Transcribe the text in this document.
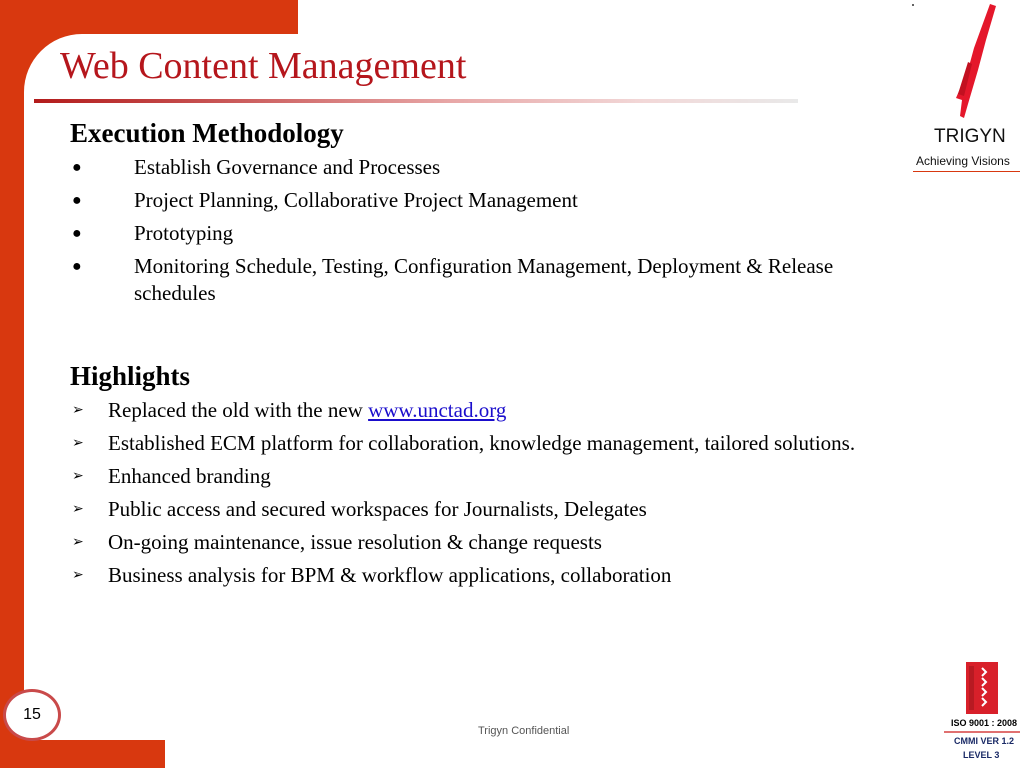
Web Content Management
Execution Methodology
● Establish Governance and Processes
● Project Planning, Collaborative Project Management
● Prototyping
● Monitoring Schedule, Testing, Configuration Management, Deployment & Release schedules
Highlights
➢ Replaced the old with the new www.unctad.org
➢ Established ECM platform for collaboration, knowledge management, tailored solutions.
➢ Enhanced branding
➢ Public access and secured workspaces for Journalists, Delegates
➢ On-going maintenance, issue resolution & change requests
➢ Business analysis for BPM & workflow applications, collaboration
TRIGYN
Achieving Visions
15
Trigyn Confidential
ISO 9001 : 2008
CMMI VER 1.2
LEVEL 3
